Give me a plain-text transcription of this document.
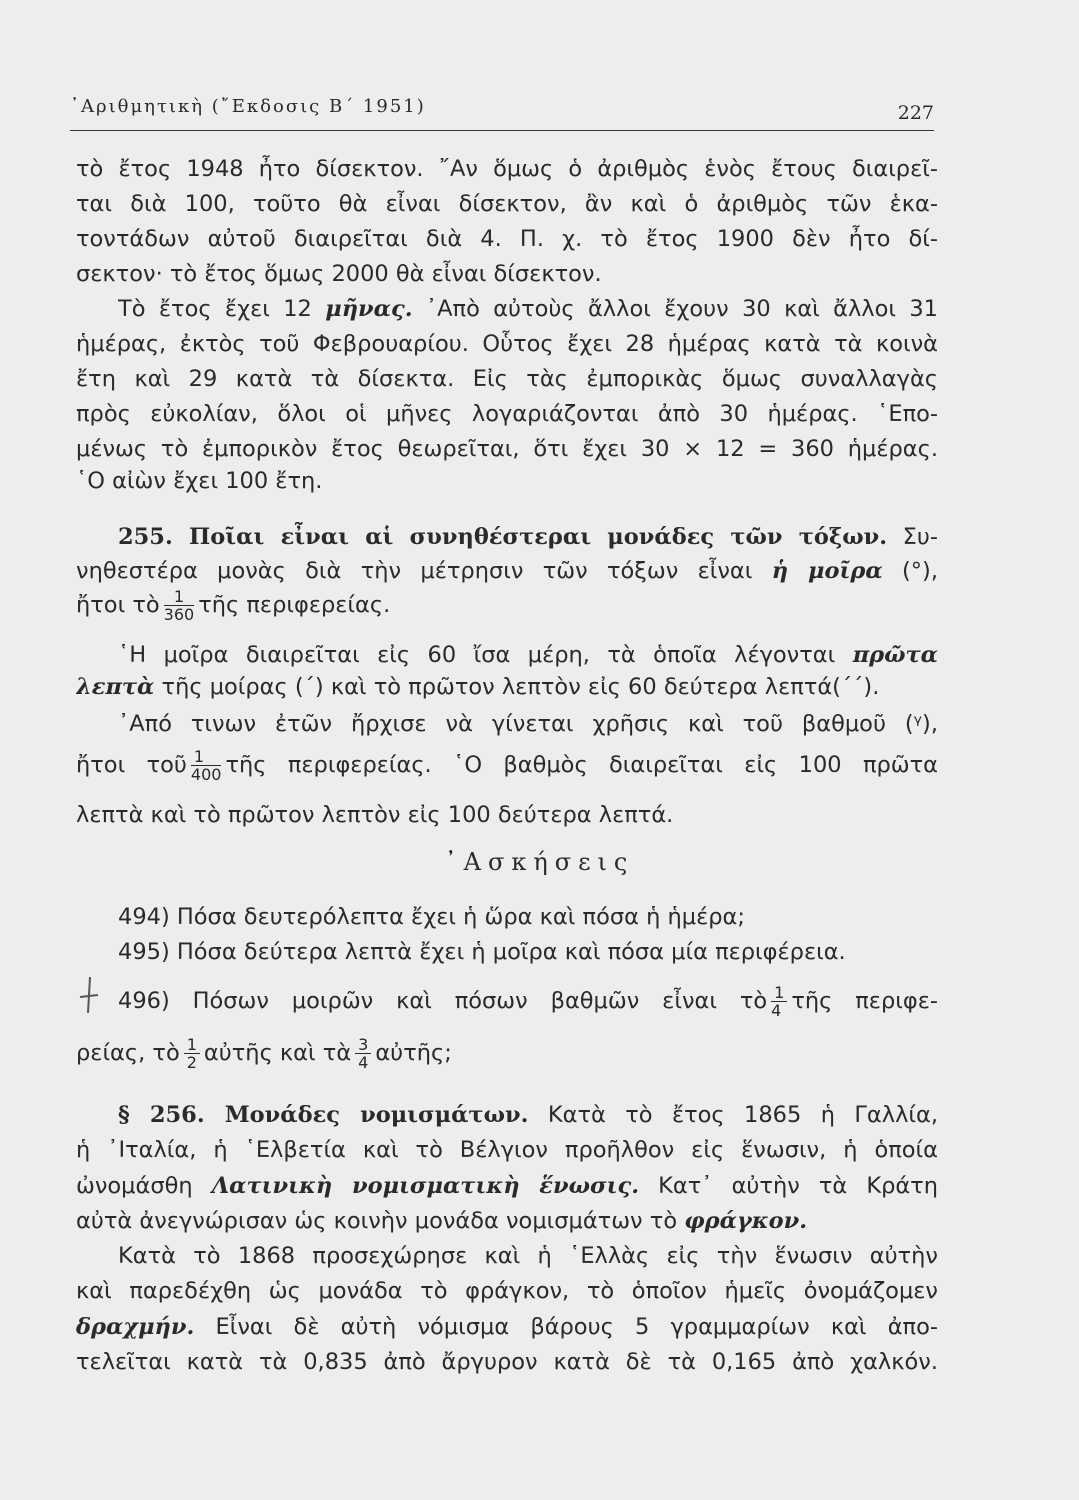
᾿Αριθμητικὴ (῎Εκδοσις Β΄ 1951)	227
τὸ ἔτος 1948 ἦτο δίσεκτον. ῎Αν ὅμως ὁ ἀριθμὸς ἑνὸς ἔτους διαιρεῖ-
ται διὰ 100, τοῦτο θὰ εἶναι δίσεκτον, ἂν καὶ ὁ ἀριθμὸς τῶν ἑκα-
τοντάδων αὐτοῦ διαιρεῖται διὰ 4. Π. χ. τὸ ἔτος 1900 δὲν ἦτο δί-
σεκτον· τὸ ἔτος ὅμως 2000 θὰ εἶναι δίσεκτον.
Τὸ ἔτος ἔχει 12 μῆνας. ᾿Απὸ αὐτοὺς ἄλλοι ἔχουν 30 καὶ ἄλλοι 31
ἡμέρας, ἐκτὸς τοῦ Φεβρουαρίου. Οὗτος ἔχει 28 ἡμέρας κατὰ τὰ κοινὰ
ἔτη καὶ 29 κατὰ τὰ δίσεκτα. Εἰς τὰς ἐμπορικὰς ὅμως συναλλαγὰς
πρὸς εὐκολίαν, ὅλοι οἱ μῆνες λογαριάζονται ἀπὸ 30 ἡμέρας. ῾Επο-
μένως τὸ ἐμπορικὸν ἔτος θεωρεῖται, ὅτι ἔχει 30 × 12 = 360 ἡμέρας.
῾Ο αἰὼν ἔχει 100 ἔτη.
255. Ποῖαι εἶναι αἱ συνηθέστεραι μονάδες τῶν τόξων. Συ-
νηθεστέρα μονὰς διὰ τὴν μέτρησιν τῶν τόξων εἶναι ἡ μοῖρα (°),
ἤτοι τὸ $\frac{1}{360}$ τῆς περιφερείας.
῾Η μοῖρα διαιρεῖται εἰς 60 ἴσα μέρη, τὰ ὁποῖα λέγονται πρῶτα
λεπτὰ τῆς μοίρας (΄) καὶ τὸ πρῶτον λεπτὸν εἰς 60 δεύτερα λεπτά(΄΄).
᾿Από τινων ἐτῶν ἤρχισε νὰ γίνεται χρῆσις καὶ τοῦ βαθμοῦ (ᵞ),
ἤτοι τοῦ $\frac{1}{400}$ τῆς περιφερείας. ῾Ο βαθμὸς διαιρεῖται εἰς 100 πρῶτα
λεπτὰ καὶ τὸ πρῶτον λεπτὸν εἰς 100 δεύτερα λεπτά.
᾿Ασκήσεις
494) Πόσα δευτερόλεπτα ἔχει ἡ ὥρα καὶ πόσα ἡ ἡμέρα;
495) Πόσα δεύτερα λεπτὰ ἔχει ἡ μοῖρα καὶ πόσα μία περιφέρεια.
496) Πόσων μοιρῶν καὶ πόσων βαθμῶν εἶναι τὸ $\frac{1}{4}$ τῆς περιφε-
ρείας, τὸ $\frac{1}{2}$ αὐτῆς καὶ τὰ $\frac{3}{4}$ αὐτῆς;
§ 256. Μονάδες νομισμάτων. Κατὰ τὸ ἔτος 1865 ἡ Γαλλία,
ἡ ᾿Ιταλία, ἡ ῾Ελβετία καὶ τὸ Βέλγιον προῆλθον εἰς ἕνωσιν, ἡ ὁποία
ὠνομάσθη Λατινικὴ νομισματικὴ ἕνωσις. Κατ᾿ αὐτὴν τὰ Κράτη
αὐτὰ ἀνεγνώρισαν ὡς κοινὴν μονάδα νομισμάτων τὸ φράγκον.
Κατὰ τὸ 1868 προσεχώρησε καὶ ἡ ῾Ελλὰς εἰς τὴν ἕνωσιν αὐτὴν
καὶ παρεδέχθη ὡς μονάδα τὸ φράγκον, τὸ ὁποῖον ἡμεῖς ὀνομάζομεν
δραχμήν. Εἶναι δὲ αὐτὴ νόμισμα βάρους 5 γραμμαρίων καὶ ἀπο-
τελεῖται κατὰ τὰ 0,835 ἀπὸ ἄργυρον κατὰ δὲ τὰ 0,165 ἀπὸ χαλκόν.
